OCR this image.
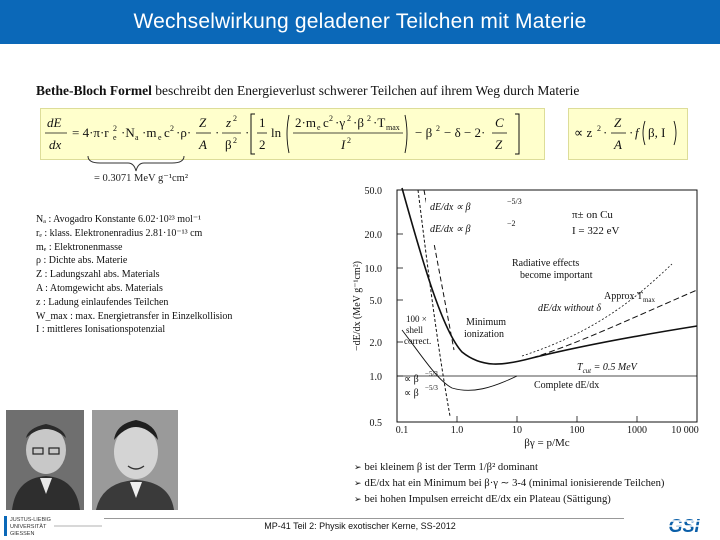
Wechselwirkung geladener Teilchen mit Materie
Bethe-Bloch Formel beschreibt den Energieverlust schwerer Teilchen auf ihrem Weg durch Materie
dE
dx
= 4·π·r e
2 ·N a ·m e c 2 ·ρ·
Z
A
·
z 2
β 2
·
1
2
ln
2·m e c 2 ·γ 2 ·β 2 ·T max
I 2
− β 2 − δ − 2·
C
Z
∝ z 2 ·
Z
A
· f β, I
= 0.3071 MeV g⁻¹cm²
Nₐ : Avogadro Konstante 6.02·10²³ mol⁻¹
rₑ : klass. Elektronenradius 2.81·10⁻¹³ cm
mₑ : Elektronenmasse
ρ : Dichte abs. Materie
Z : Ladungszahl abs. Materials
A : Atomgewicht abs. Materials
z : Ladung einlaufendes Teilchen
W_max : max. Energietransfer in Einzelkollision
I : mittleres Ionisationspotenzial
50.0
20.0
10.0
5.0
2.0
1.0
0.5
0.1	1.0	10	100	1000 10 000
βγ = p/Mc
−dE/dx (MeV g⁻¹cm²)
dE/dx ∝ β
−5/3
dE/dx ∝ β
−2
π± on Cu
I = 322 eV
Radiative effects
become important
Approx $T_{max}$
dE/dx without δ
Minimum
ionization
100 ×
shell
correct.
$T_{cut} = 0.5$ MeV
Complete dE/dx
∝ β −5/3
∝ β −5/3
➢ bei kleinem β ist der Term 1/β² dominant
➢ dE/dx hat ein Minimum bei β·γ ∼ 3-4 (minimal ionisierende Teilchen)
➢ bei hohen Impulsen erreicht dE/dx ein Plateau (Sättigung)
JUSTUS-LIEBIG
UNIVERSITÄT
GIESSEN
MP-41 Teil 2: Physik exotischer Kerne, SS-2012	GSI
